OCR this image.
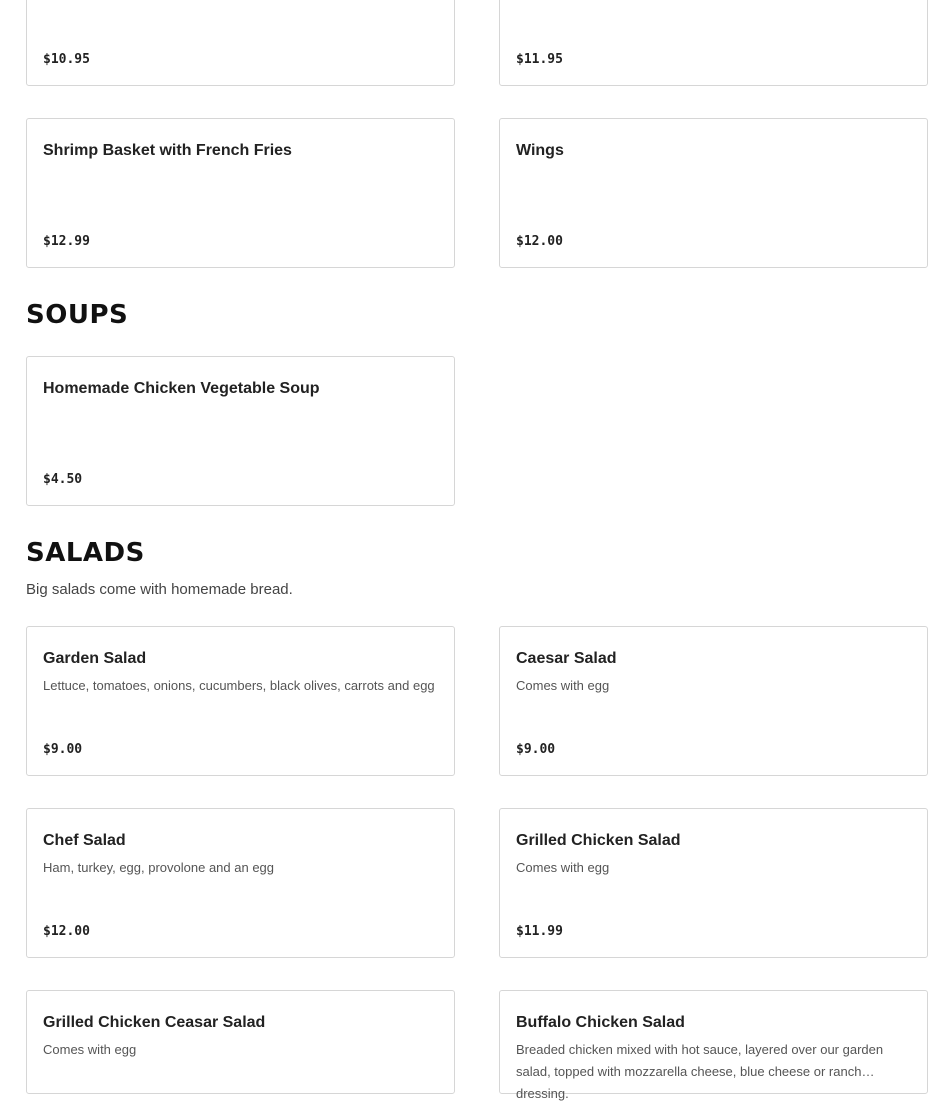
$10.95	$11.95
Shrimp Basket with French Fries
$12.99
Wings
$12.00
SOUPS
Homemade Chicken Vegetable Soup
$4.50
SALADS

Big salads come with homemade bread.

Garden Salad
Lettuce, tomatoes, onions, cucumbers, black olives, carrots and egg
$9.00
Caesar Salad
Comes with egg
$9.00
Chef Salad
Ham, turkey, egg, provolone and an egg
$12.00
Grilled Chicken Salad
Comes with egg
$11.99
Grilled Chicken Ceasar Salad
Comes with egg
Buffalo Chicken Salad
Breaded chicken mixed with hot sauce, layered over our garden salad, topped with mozzarella cheese, blue cheese or ranch dressing.
